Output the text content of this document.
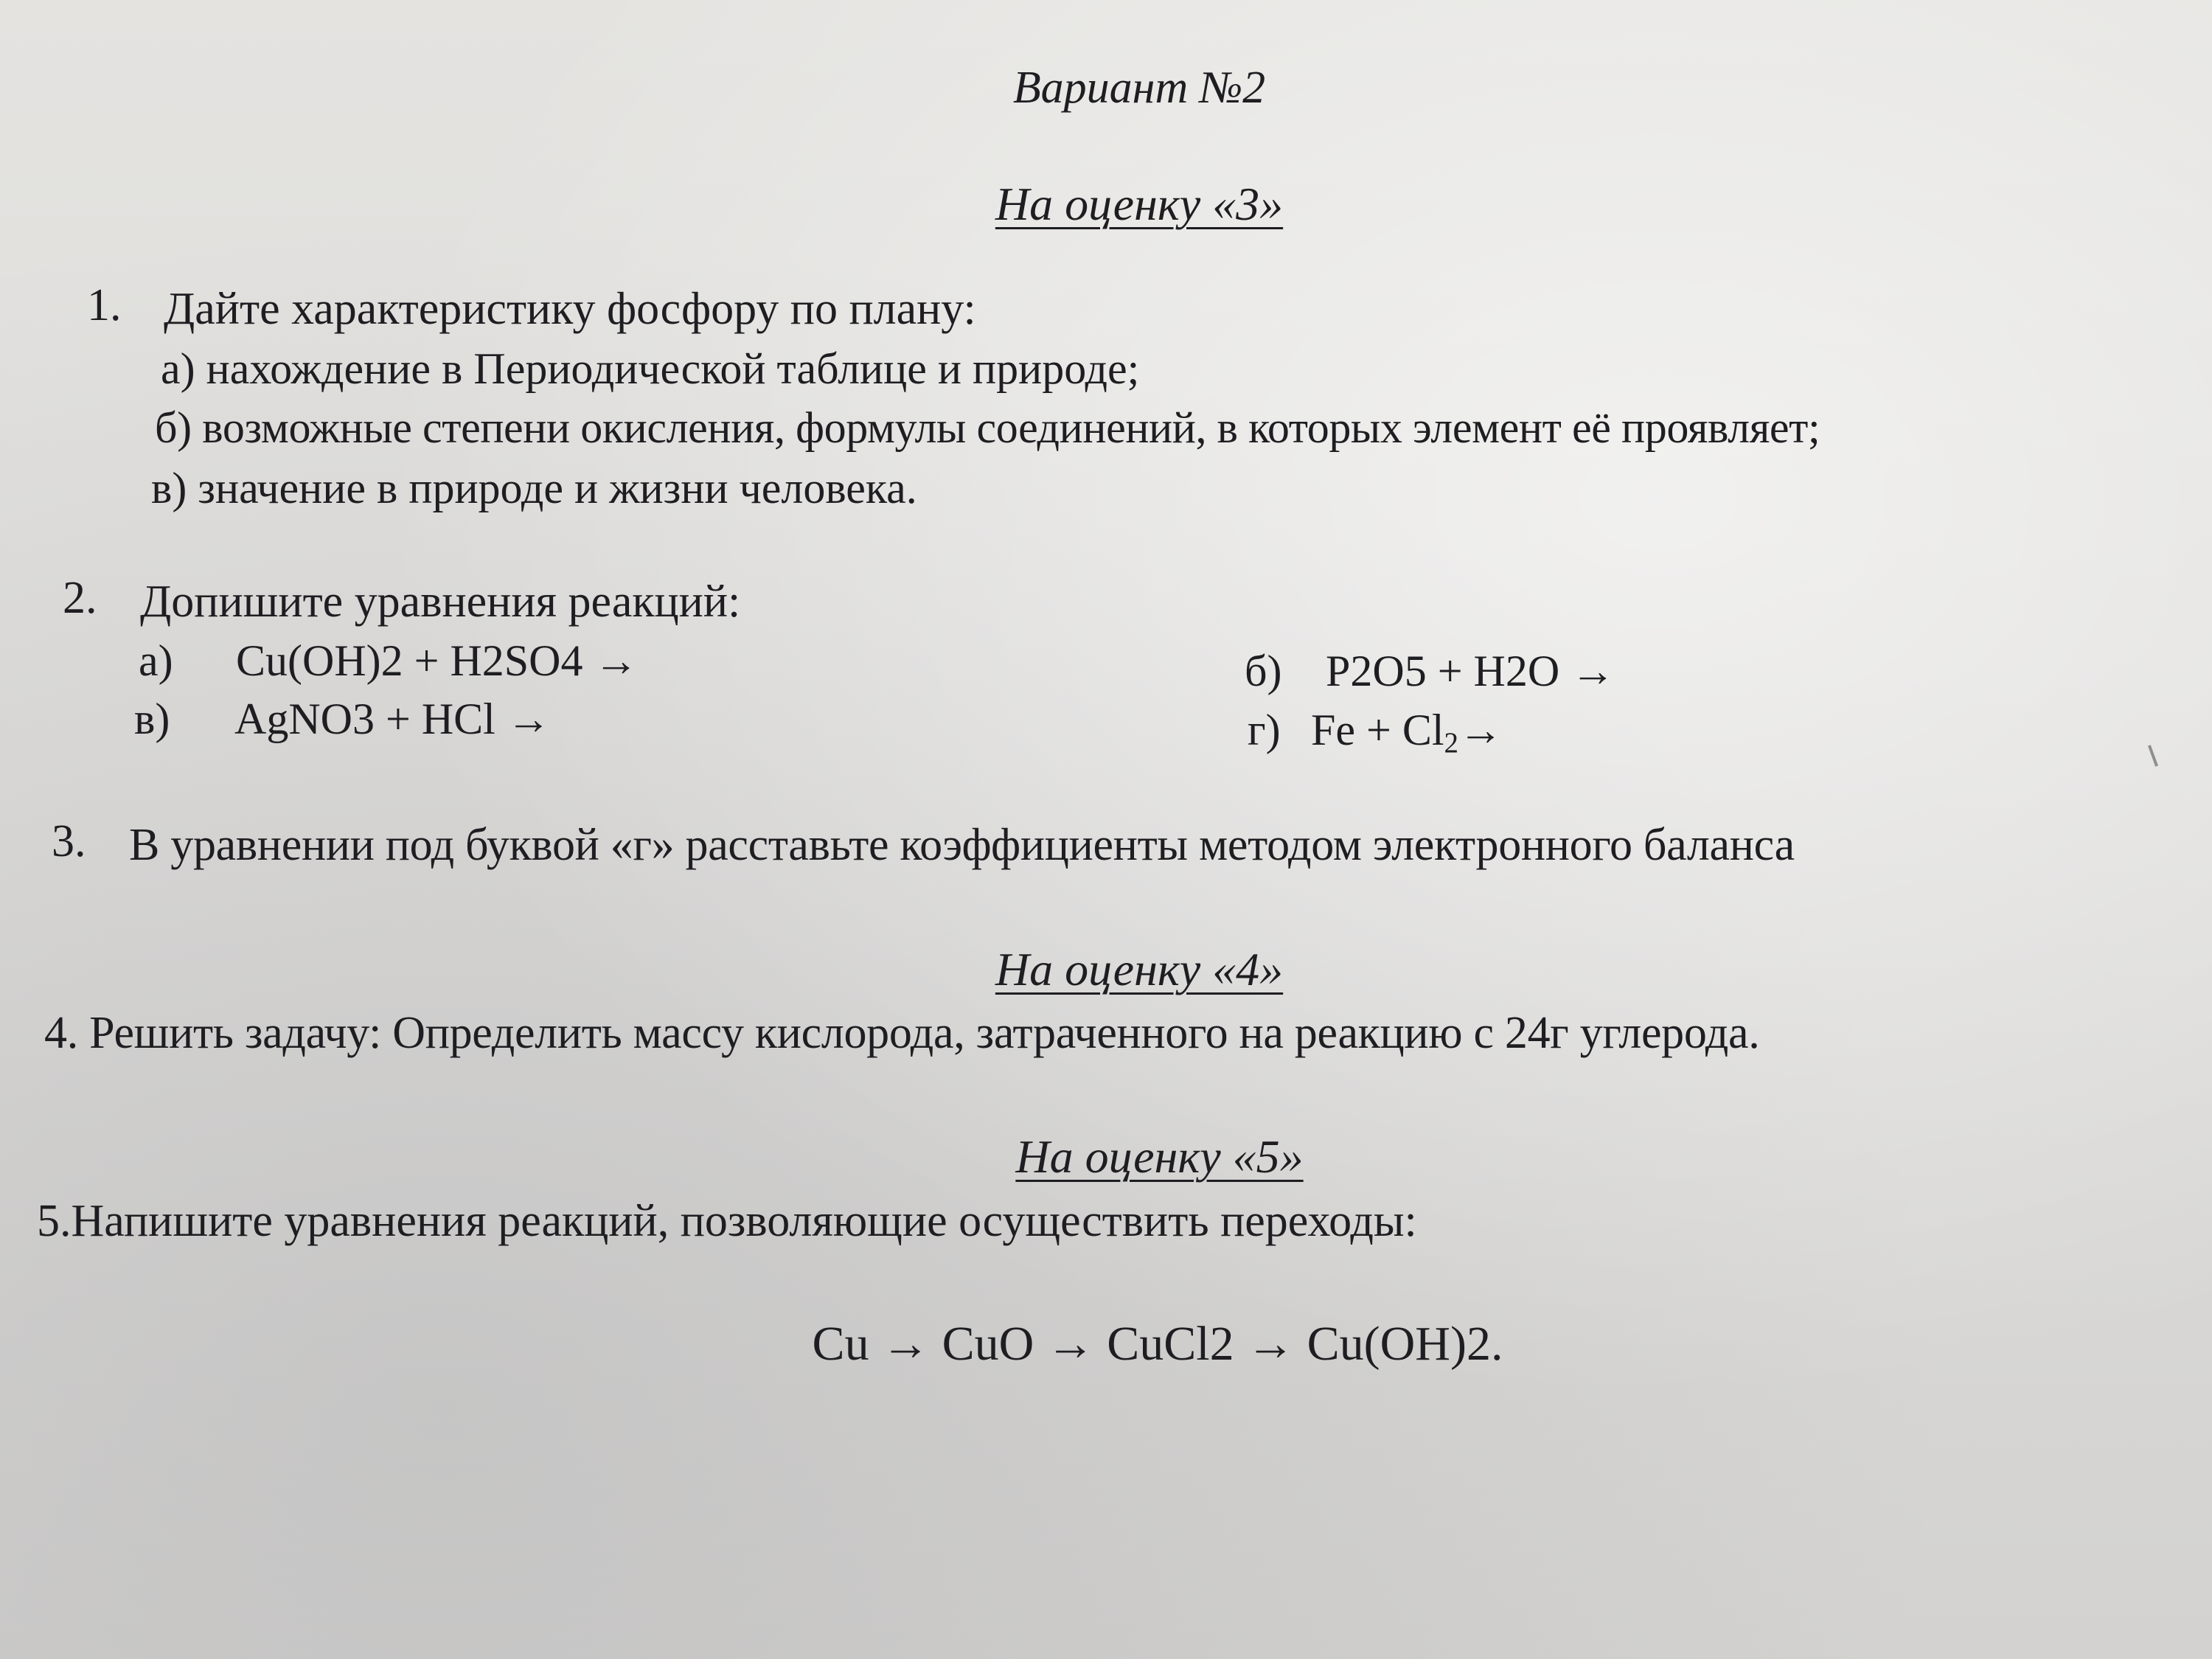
Вариант №2
На оценку «3»
1. Дайте характеристику фосфору по плану:
а) нахождение в Периодической таблице и природе;
б) возможные степени окисления, формулы соединений, в которых элемент её проявляет;
в) значение в природе и жизни человека.
2. Допишите уравнения реакций:
а) Cu(OH)2 + H2SO4 →	б) P2O5 + H2O →
в) AgNO3 + HCl →	г) $Fe + Cl_2\to$
3. В уравнении под буквой «г» расставьте коэффициенты методом электронного баланса
На оценку «4»
4. Решить задачу: Определить массу кислорода, затраченного на реакцию с 24г углерода.
На оценку «5»
5.Напишите уравнения реакций, позволяющие осуществить переходы:
Cu → CuO → CuCl2 → Cu(OH)2.
